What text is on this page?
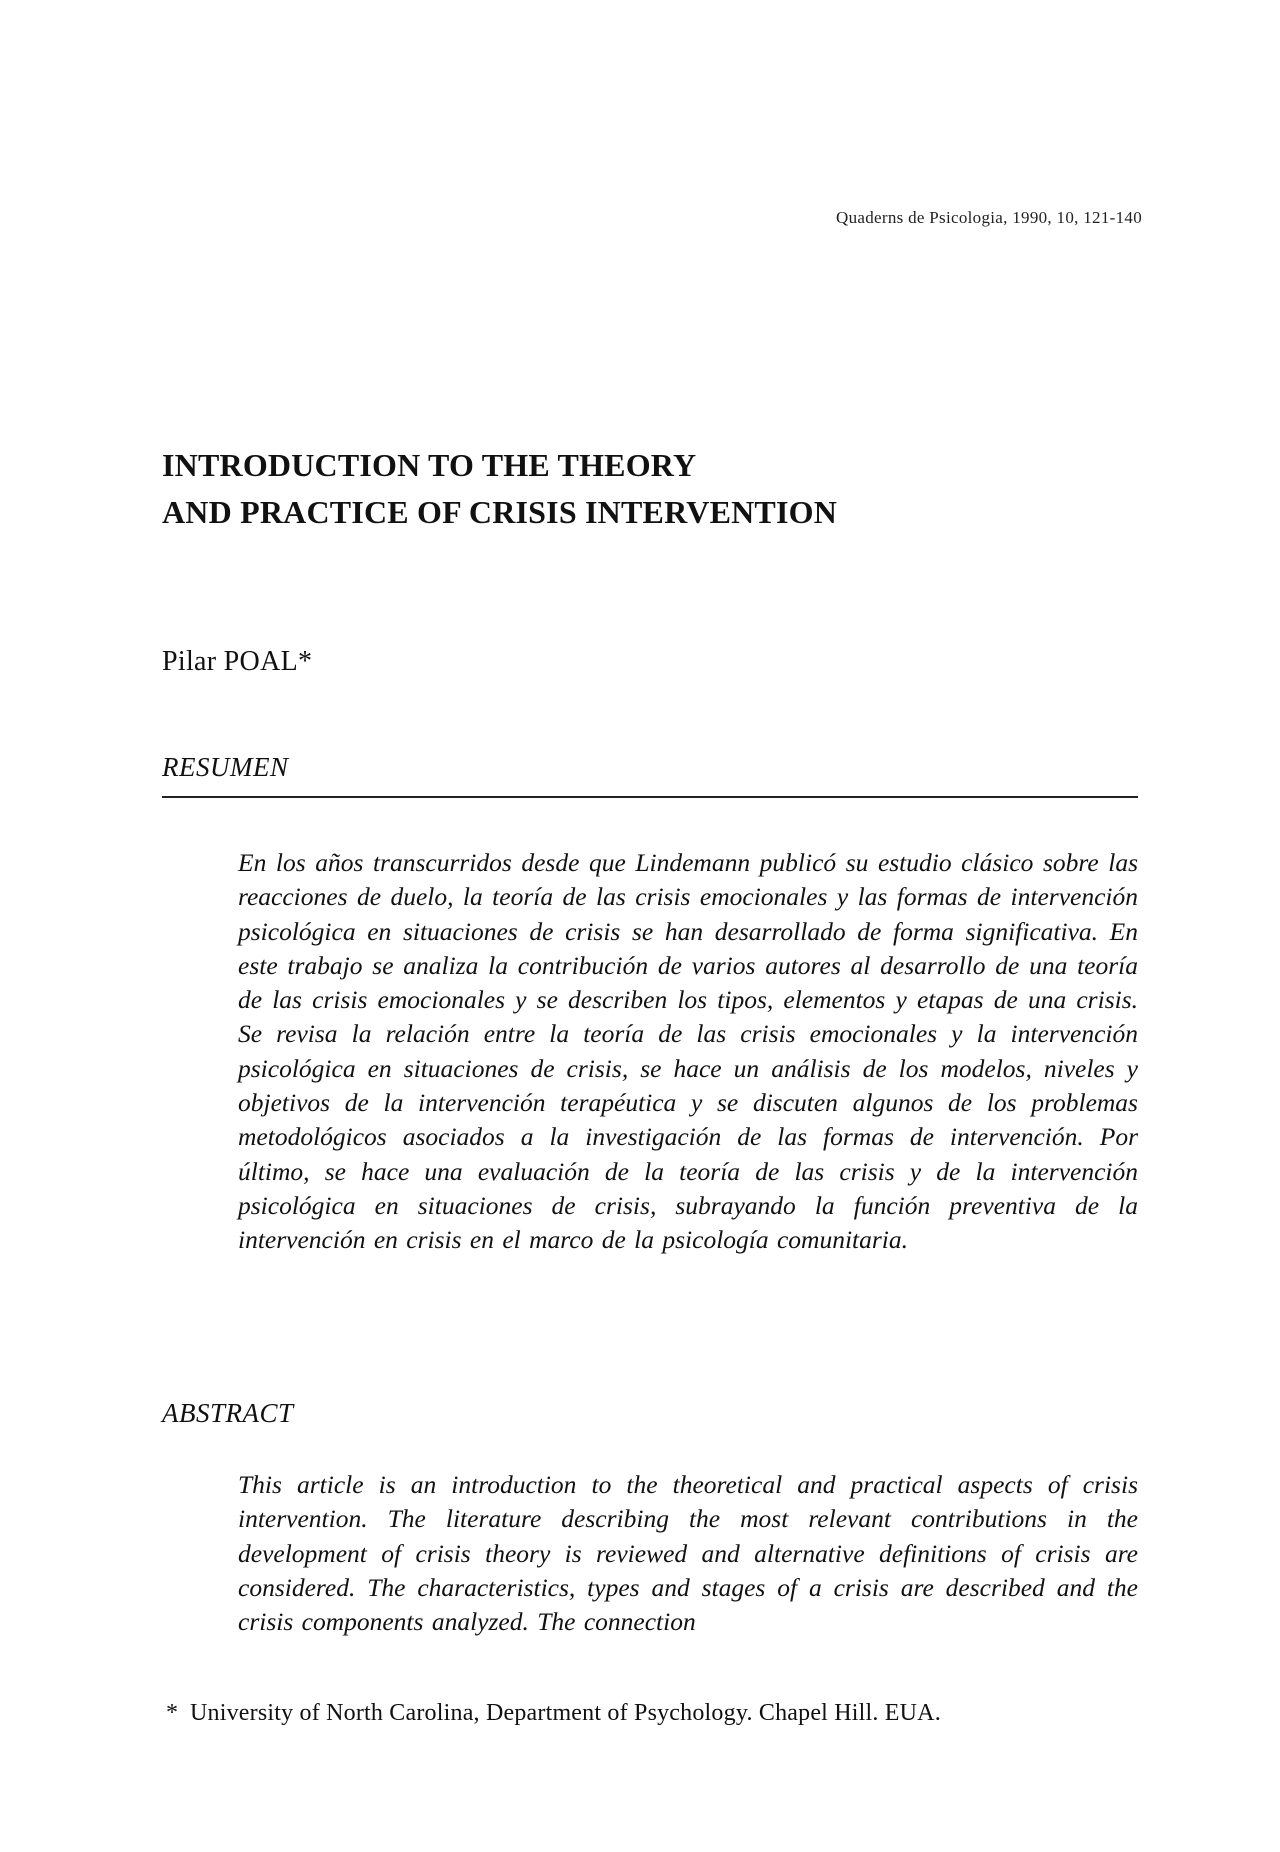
Quaderns de Psicologia, 1990, 10, 121-140
INTRODUCTION TO THE THEORY
AND PRACTICE OF CRISIS INTERVENTION
Pilar POAL*
RESUMEN

En los años transcurridos desde que Lindemann publicó su estudio clásico sobre las reacciones de duelo, la teoría de las crisis emocionales y las formas de intervención psicológica en situaciones de crisis se han desarrollado de forma significativa. En este trabajo se analiza la contribución de varios autores al desarrollo de una teoría de las crisis emocionales y se describen los tipos, elementos y etapas de una crisis. Se revisa la relación entre la teoría de las crisis emocionales y la intervención psicológica en situaciones de crisis, se hace un análisis de los modelos, niveles y objetivos de la intervención terapéutica y se discuten algunos de los problemas metodológicos asociados a la investigación de las formas de intervención. Por último, se hace una evaluación de la teoría de las crisis y de la intervención psicológica en situaciones de crisis, subrayando la función preventiva de la intervención en crisis en el marco de la psicología comunitaria.

ABSTRACT

This article is an introduction to the theoretical and practical aspects of crisis intervention. The literature describing the most relevant contributions in the development of crisis theory is reviewed and alternative definitions of crisis are considered. The characteristics, types and stages of a crisis are described and the crisis components analyzed. The connection

* University of North Carolina, Department of Psychology. Chapel Hill. EUA.
